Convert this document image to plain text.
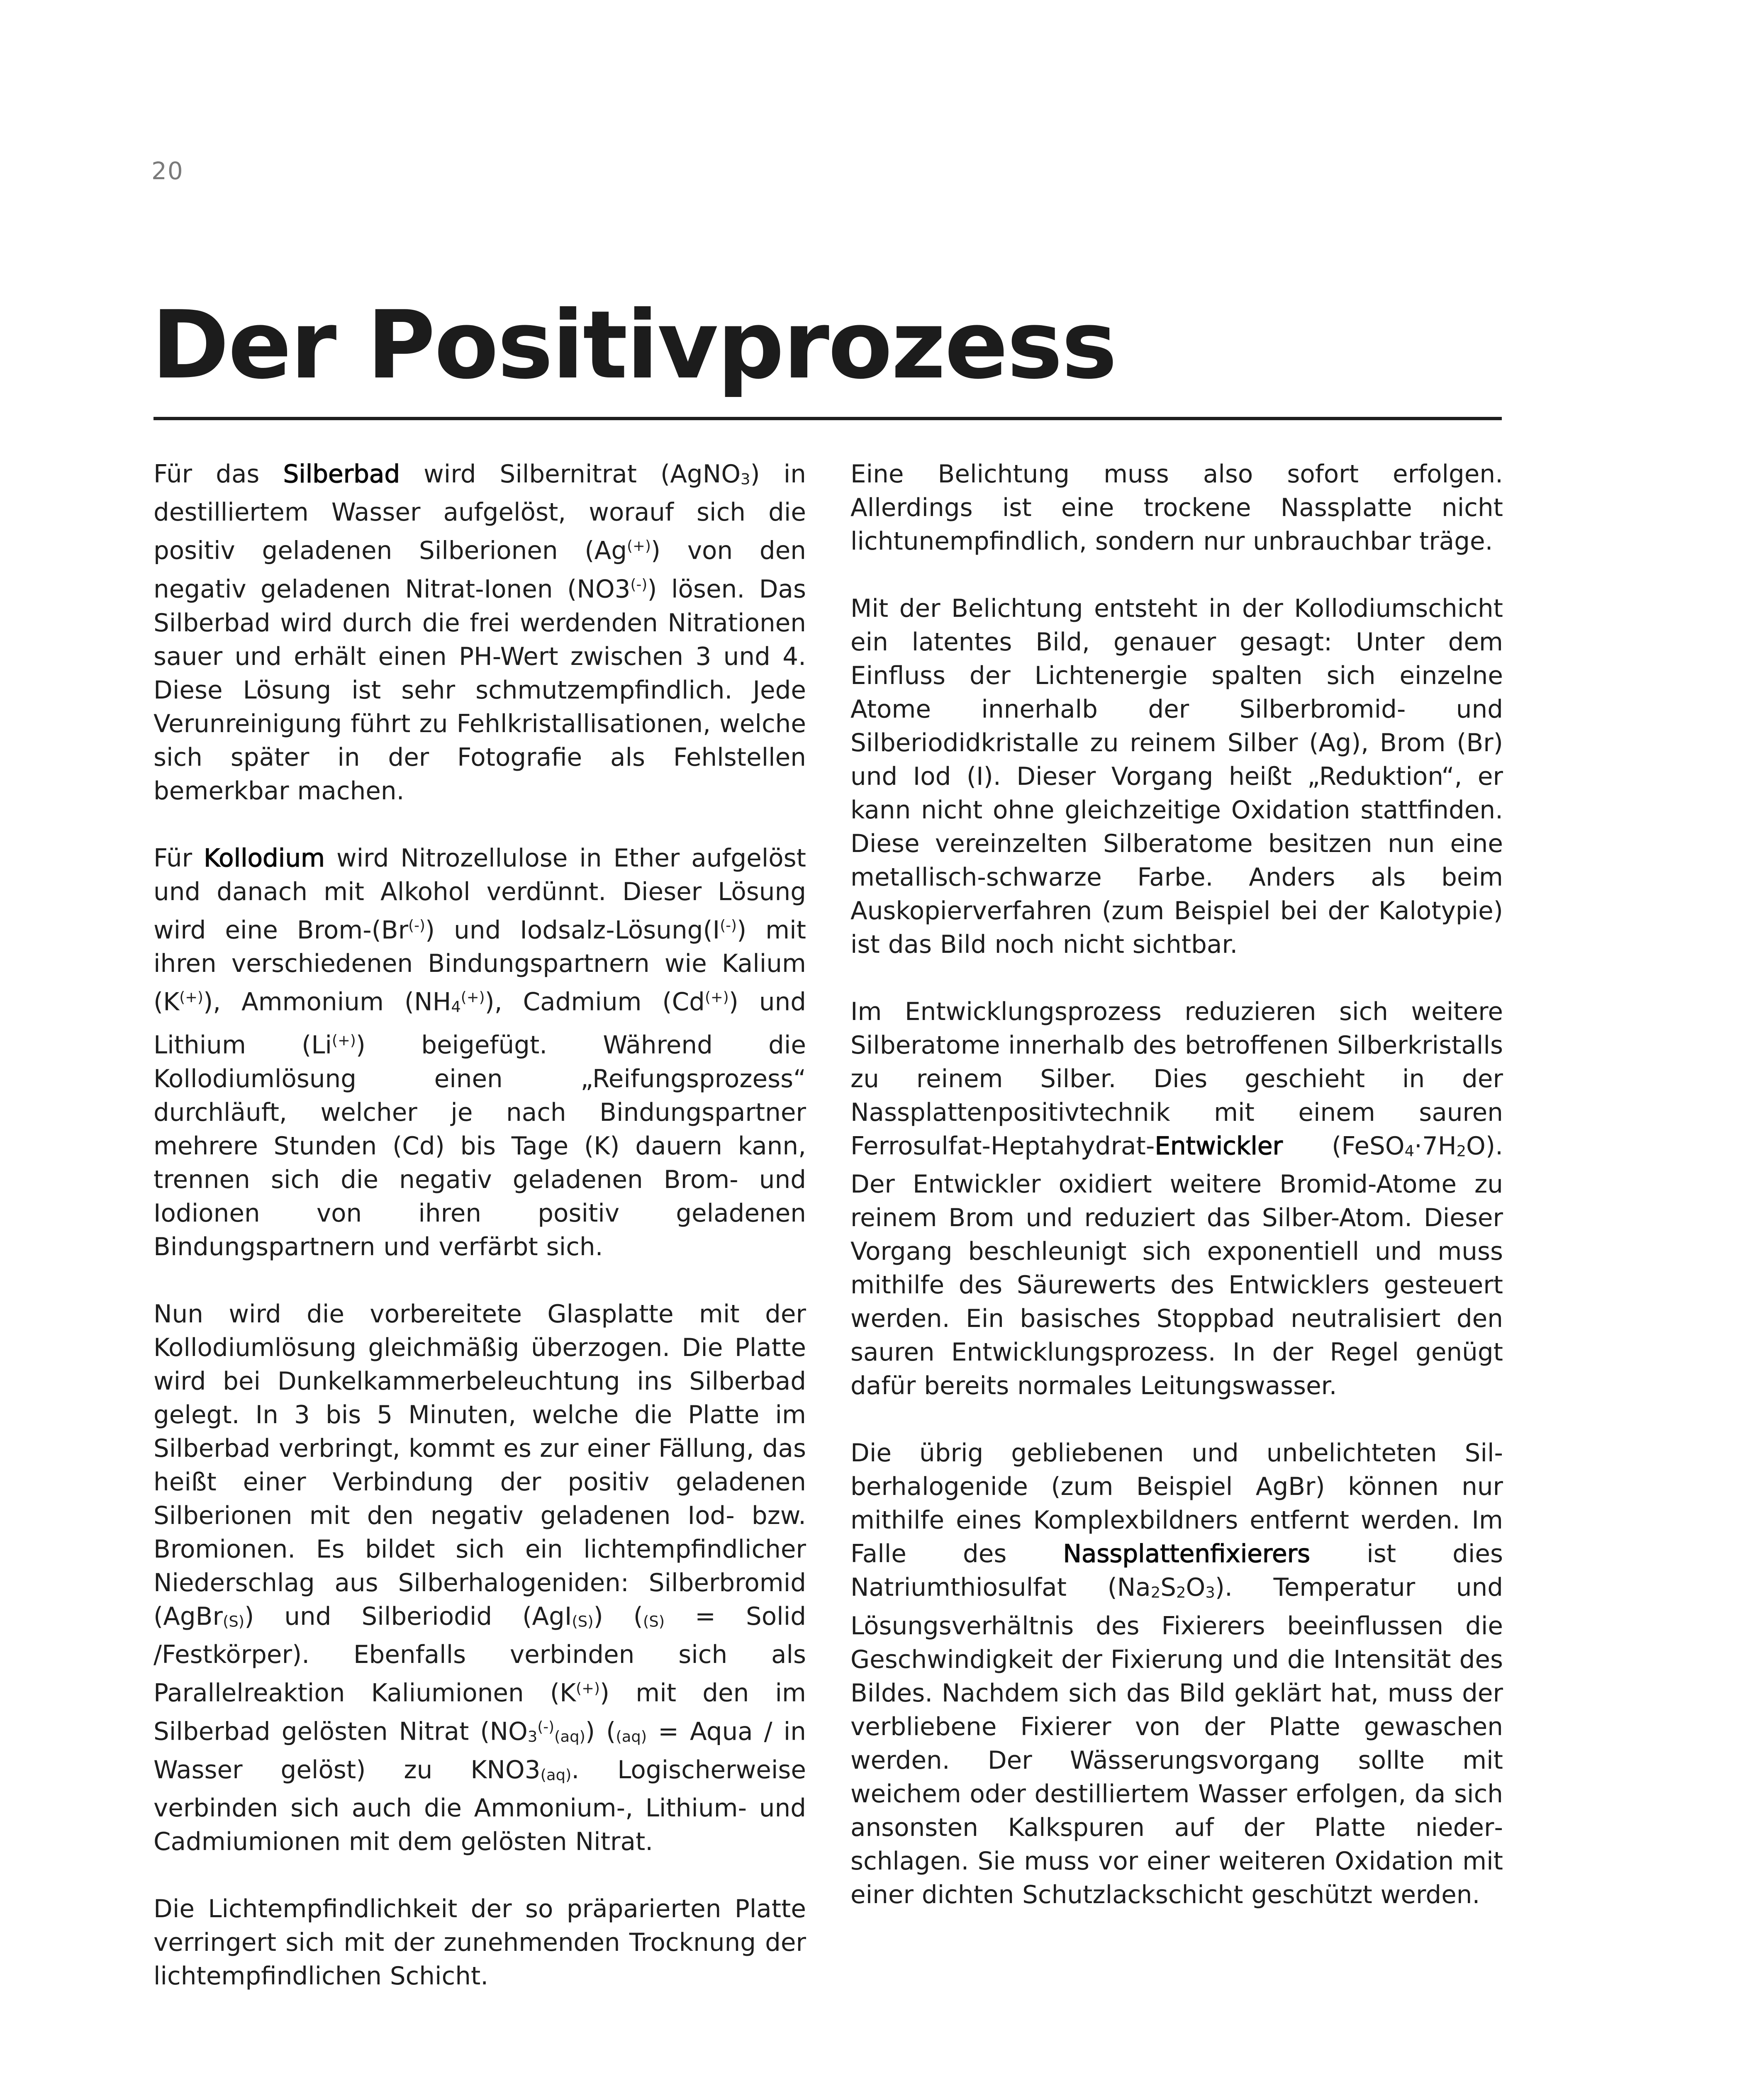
20
Der Positivprozess

Für das Silberbad wird Silbernitrat (AgNO3) in destilliertem Wasser aufgelöst, worauf sich die positiv geladenen Silberionen (Ag(+)) von den negativ geladenen Nitrat-Ionen (NO3(-)) lösen. Das Silberbad wird durch die frei werdenden Nitrationen sauer und erhält einen PH-Wert zwischen 3 und 4. Diese Lösung ist sehr schmutzempfindlich. Jede Verunreinigung führt zu Fehlkristallisationen, welche sich später in der Fotografie als Fehlstellen bemerkbar machen.

Für Kollodium wird Nitrozellulose in Ether aufgelöst und danach mit Alkohol verdünnt. Dieser Lösung wird eine Brom-(Br(-)) und Iodsalz-Lösung(I(-)) mit ihren verschiedenen Bindungspartnern wie Kalium (K(+)), Ammonium (NH4(+)), Cadmium (Cd(+)) und Lithium (Li(+)) beigefügt. Während die Kollodiumlösung einen „Reifungsprozess“ durchläuft, welcher je nach Bindungspartner mehrere Stunden (Cd) bis Tage (K) dauern kann, trennen sich die negativ geladenen Brom- und Iodionen von ihren positiv geladenen Bindungspartnern und verfärbt sich.

Nun wird die vorbereitete Glasplatte mit der Kollodiumlösung gleichmäßig überzogen. Die Platte wird bei Dunkelkammerbeleuchtung ins Silberbad gelegt. In 3 bis 5 Minuten, welche die Platte im Silberbad verbringt, kommt es zur einer Fällung, das heißt einer Verbindung der positiv geladenen Silberionen mit den negativ geladenen Iod- bzw. Bromionen. Es bildet sich ein lichtempfindlicher Niederschlag aus Silberhalogeniden: Silberbromid (AgBr(S)) und Silberiodid (AgI(S)) ((S) = Solid /Festkörper). Ebenfalls verbinden sich als Parallelreaktion Kaliumionen (K(+)) mit den im Silberbad gelösten Nitrat (NO3(-)(aq)) ((aq) = Aqua / in Wasser gelöst) zu KNO3(aq). Logischerweise verbinden sich auch die Ammonium-, Lithium- und Cadmiumionen mit dem gelösten Nitrat.

Die Lichtempfindlichkeit der so präparierten Platte verringert sich mit der zunehmenden Trocknung der lichtempfindlichen Schicht.

Eine Belichtung muss also sofort erfolgen. Allerdings ist eine trockene Nassplatte nicht lichtunempfindlich, sondern nur unbrauchbar träge.

Mit der Belichtung entsteht in der Kollodiumschicht ein latentes Bild, genauer gesagt: Unter dem Einfluss der Lichtenergie spalten sich einzelne Atome innerhalb der Silberbromid- und Silberiodidkristalle zu reinem Silber (Ag), Brom (Br) und Iod (I). Dieser Vorgang heißt „Reduktion“, er kann nicht ohne gleichzeitige Oxidation stattfinden. Diese vereinzelten Silberatome besitzen nun eine metallisch-schwarze Farbe. Anders als beim Auskopierverfahren (zum Beispiel bei der Kalotypie) ist das Bild noch nicht sichtbar.

Im Entwicklungsprozess reduzieren sich weitere Silberatome innerhalb des betroffenen Silberkristalls zu reinem Silber. Dies geschieht in der Nassplattenpositivtechnik mit einem sauren Ferrosulfat-Heptahydrat-Entwickler (FeSO4·7H2O). Der Entwickler oxidiert weitere Bromid-Atome zu reinem Brom und reduziert das Silber-Atom. Dieser Vorgang beschleunigt sich exponentiell und muss mithilfe des Säurewerts des Entwicklers gesteuert werden. Ein basisches Stoppbad neutralisiert den sauren Entwicklungsprozess. In der Regel genügt dafür bereits normales Leitungswasser.

Die übrig gebliebenen und unbelichteten Silberhalogenide (zum Beispiel AgBr) können nur mithilfe eines Komplexbildners entfernt werden. Im Falle des Nassplattenfixierers ist dies Natriumthiosulfat (Na2S2O3). Temperatur und Lösungsverhältnis des Fixierers beeinflussen die Geschwindigkeit der Fixierung und die Intensität des Bildes. Nachdem sich das Bild geklärt hat, muss der verbliebene Fixierer von der Platte gewaschen werden. Der Wässerungsvorgang sollte mit weichem oder destilliertem Wasser erfolgen, da sich ansonsten Kalkspuren auf der Platte niederschlagen. Sie muss vor einer weiteren Oxidation mit einer dichten Schutzlackschicht geschützt werden.
